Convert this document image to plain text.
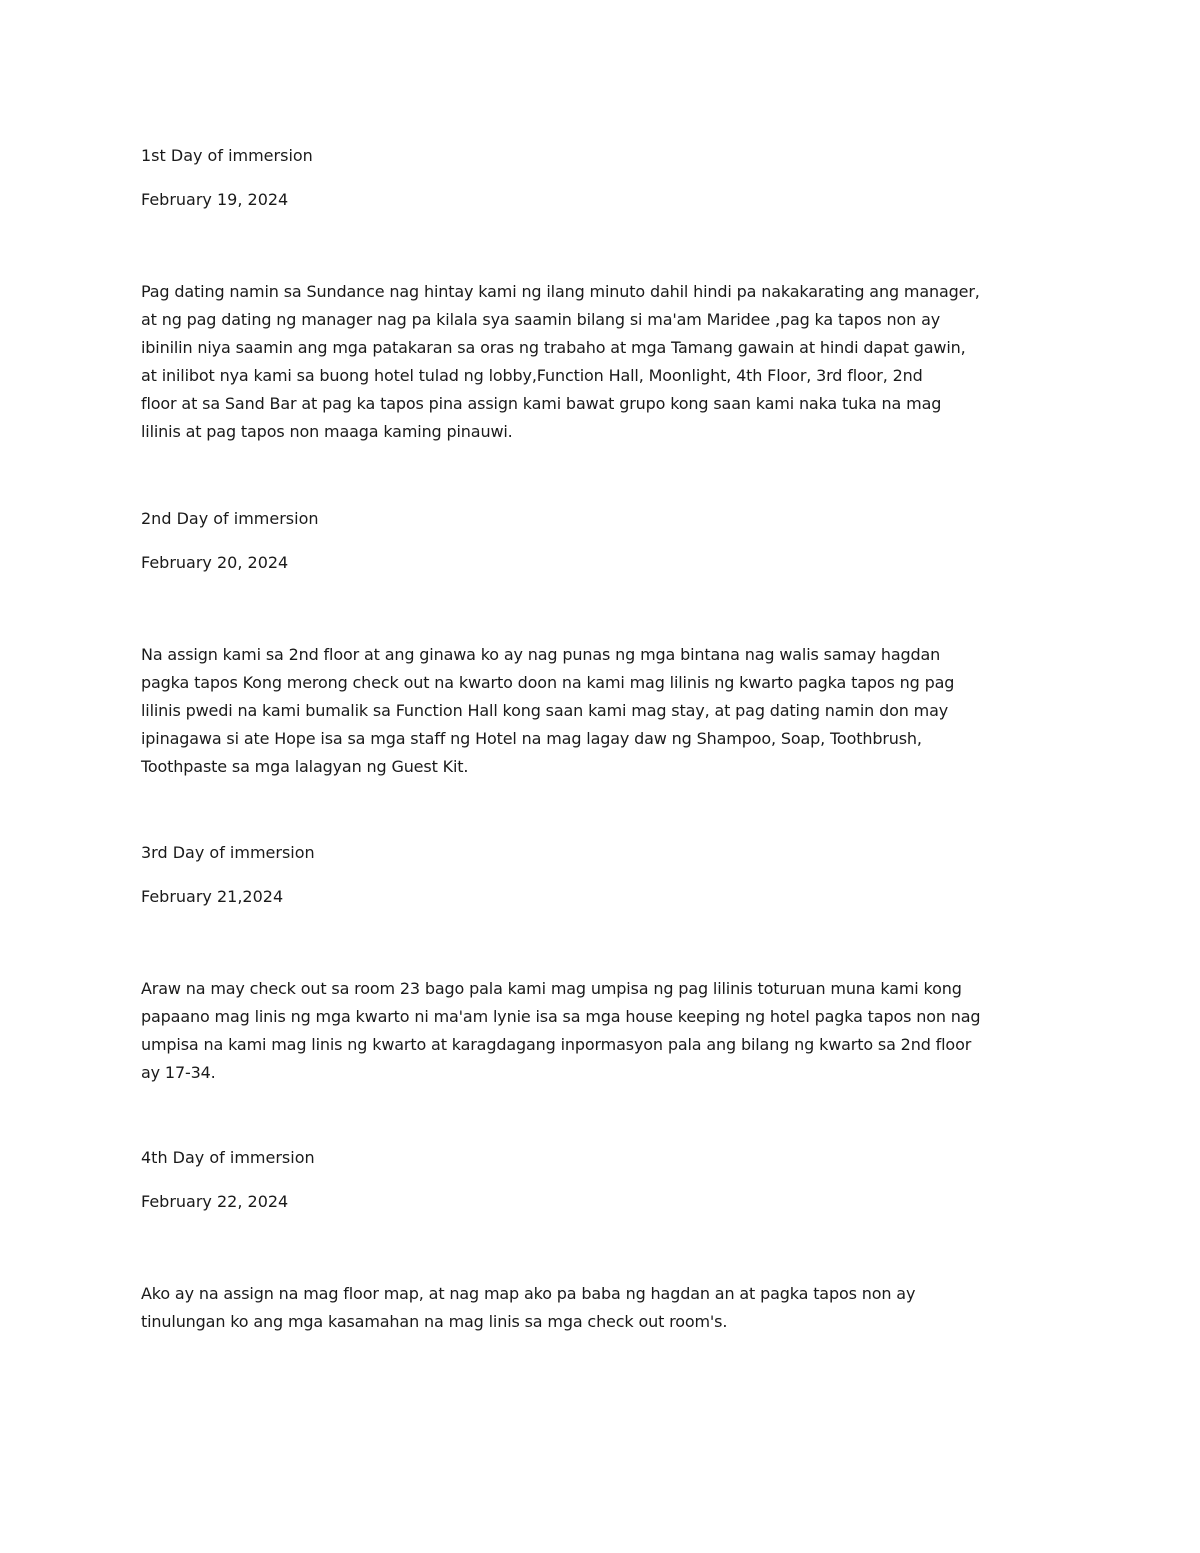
1st Day of immersion

February 19, 2024

Pag dating namin sa Sundance nag hintay kami ng ilang minuto dahil hindi pa nakakarating ang manager,
at ng pag dating ng manager nag pa kilala sya saamin bilang si ma'am Maridee ,pag ka tapos non ay
ibinilin niya saamin ang mga patakaran sa oras ng trabaho at mga Tamang gawain at hindi dapat gawin,
at inilibot nya kami sa buong hotel tulad ng lobby,Function Hall, Moonlight, 4th Floor, 3rd floor, 2nd
floor at sa Sand Bar at pag ka tapos pina assign kami bawat grupo kong saan kami naka tuka na mag
lilinis at pag tapos non maaga kaming pinauwi.

2nd Day of immersion

February 20, 2024

Na assign kami sa 2nd floor at ang ginawa ko ay nag punas ng mga bintana nag walis samay hagdan
pagka tapos Kong merong check out na kwarto doon na kami mag lilinis ng kwarto pagka tapos ng pag
lilinis pwedi na kami bumalik sa Function Hall kong saan kami mag stay, at pag dating namin don may
ipinagawa si ate Hope isa sa mga staff ng Hotel na mag lagay daw ng Shampoo, Soap, Toothbrush,
Toothpaste sa mga lalagyan ng Guest Kit.

3rd Day of immersion

February 21,2024

Araw na may check out sa room 23 bago pala kami mag umpisa ng pag lilinis toturuan muna kami kong
papaano mag linis ng mga kwarto ni ma'am lynie isa sa mga house keeping ng hotel pagka tapos non nag
umpisa na kami mag linis ng kwarto at karagdagang inpormasyon pala ang bilang ng kwarto sa 2nd floor
ay 17-34.

4th Day of immersion

February 22, 2024

Ako ay na assign na mag floor map, at nag map ako pa baba ng hagdan an at pagka tapos non ay
tinulungan ko ang mga kasamahan na mag linis sa mga check out room's.
